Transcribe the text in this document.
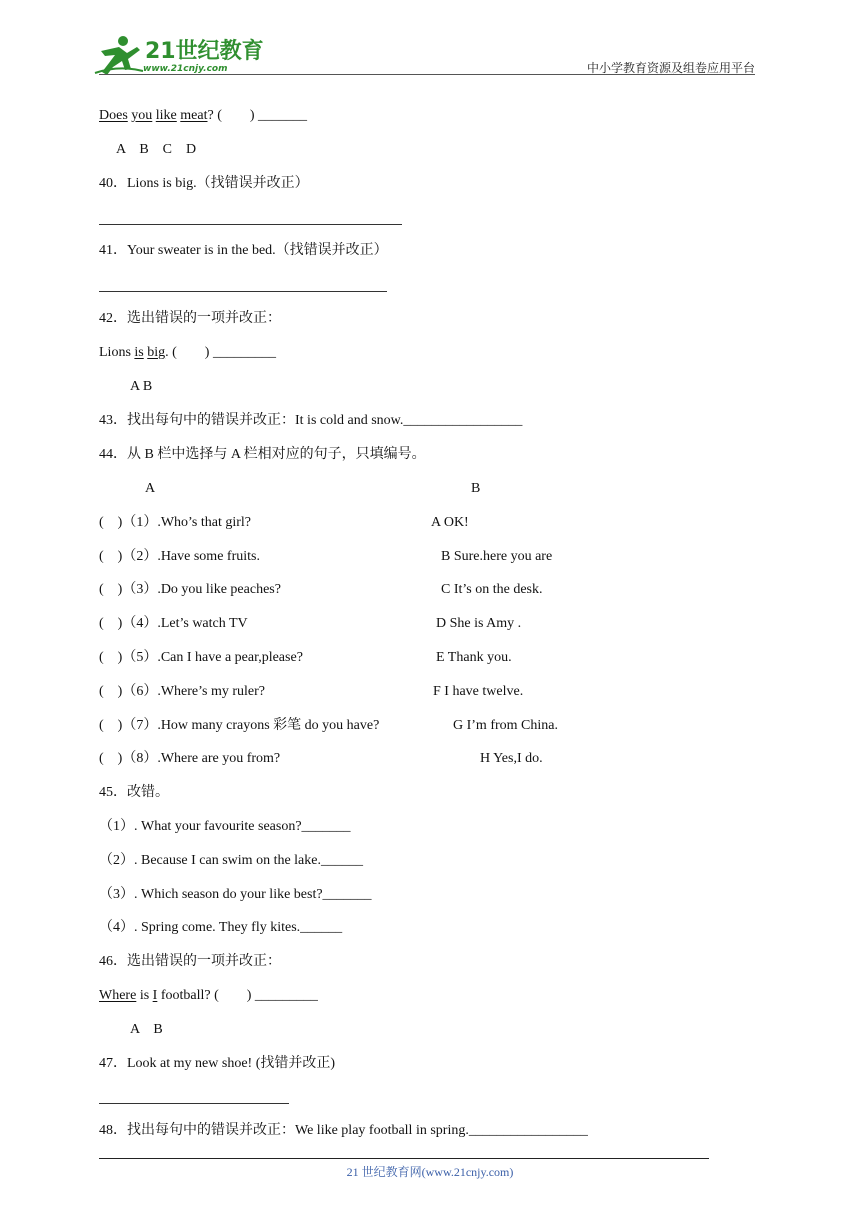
21世纪教育
www.21cnjy.com	中小学教育资源及组卷应用平台
Does you like meat? (　　) _______
A　B　C　D
40．Lions is big.（找错误并改正）
41．Your sweater is in the bed.（找错误并改正）
42．选出错误的一项并改正：
Lions is big. (　　) _________
A B
43．找出每句中的错误并改正：It is cold and snow._________________
44．从 B 栏中选择与 A 栏相对应的句子，只填编号。
A	B
(　)（1）.Who’s that girl?	A OK!
(　)（2）.Have some fruits.	B Sure.here you are
(　)（3）.Do you like peaches?	C It’s on the desk.
(　)（4）.Let’s watch TV	D She is Amy .
(　)（5）.Can I have a pear,please?	E Thank you.
(　)（6）.Where’s my ruler?	F I have twelve.
(　)（7）.How many crayons 彩笔 do you have?	G I’m from China.
(　)（8）.Where are you from?	H Yes,I do.
45．改错。
（1）. What your favourite season?_______
（2）. Because I can swim on the lake.______
（3）. Which season do your like best?_______
（4）. Spring come. They fly kites.______
46．选出错误的一项并改正：
Where is I football? (　　) _________
A　B
47．Look at my new shoe! (找错并改正)
48．找出每句中的错误并改正：We like play football in spring._________________
21 世纪教育网(www.21cnjy.com)
